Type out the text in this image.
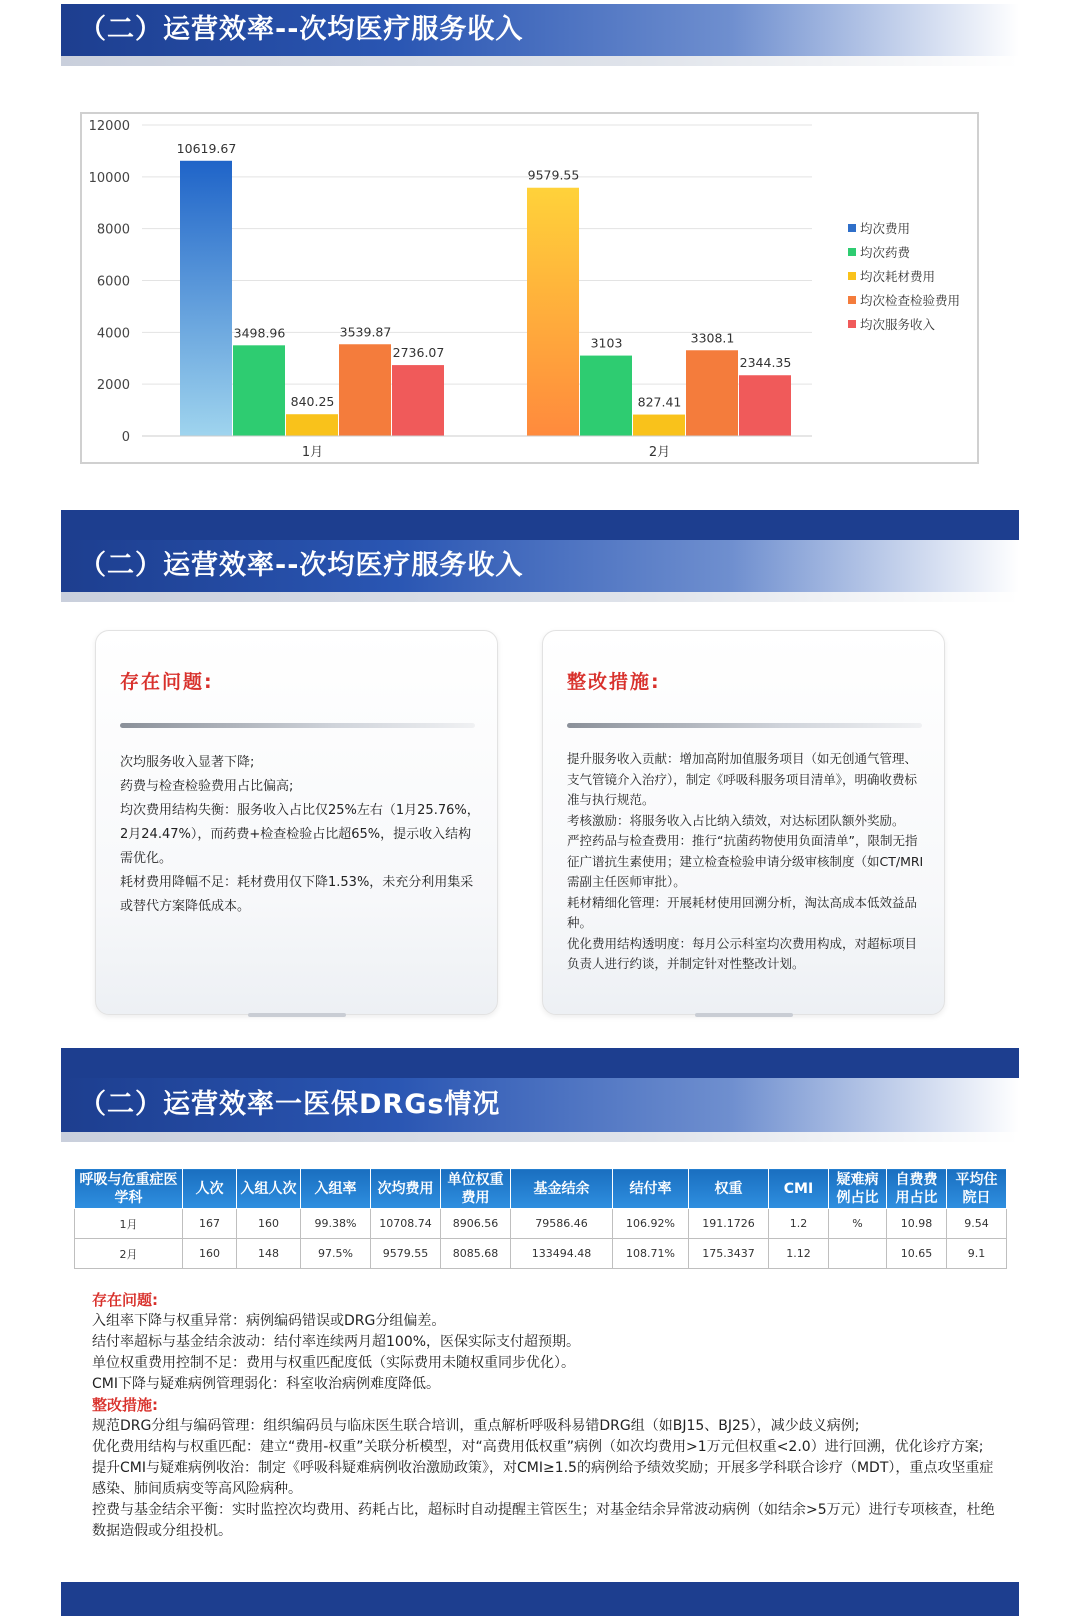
（二）运营效率--次均医疗服务收入
0
2000
4000
6000
8000
10000
12000
10619.67
3498.96
840.25
3539.87
2736.07
1月
9579.55
3103
827.41
3308.1
2344.35
2月
均次费用
均次药费
均次耗材费用
均次检查检验费用
均次服务收入
（二）运营效率--次均医疗服务收入
存在问题:

次均服务收入显著下降;

药费与检查检验费用占比偏高;

均次费用结构失衡：服务收入占比仅25%左右（1月25.76%，2月24.47%），而药费+检查检验占比超65%，提示收入结构需优化。

耗材费用降幅不足：耗材费用仅下降1.53%，未充分利用集采或替代方案降低成本。

整改措施:

提升服务收入贡献：增加高附加值服务项目（如无创通气管理、支气管镜介入治疗），制定《呼吸科服务项目清单》，明确收费标准与执行规范。

考核激励：将服务收入占比纳入绩效，对达标团队额外奖励。

严控药品与检查费用：推行“抗菌药物使用负面清单”，限制无指征广谱抗生素使用；建立检查检验申请分级审核制度（如CT/MRI需副主任医师审批）。

耗材精细化管理：开展耗材使用回溯分析，淘汰高成本低效益品种。

优化费用结构透明度：每月公示科室均次费用构成，对超标项目负责人进行约谈，并制定针对性整改计划。

（二）运营效率一医保DRGs情况
呼吸与危重症医学科	人次	入组人次	入组率	次均费用	单位权重费用	基金结余	结付率	权重	CMI	疑难病例占比	自费费用占比	平均住院日
1月	167	160	99.38%	10708.74	8906.56	79586.46	106.92%	191.1726	1.2	%	10.98	9.54
2月	160	148	97.5%	9579.55	8085.68	133494.48	108.71%	175.3437	1.12		10.65	9.1
存在问题:
入组率下降与权重异常：病例编码错误或DRG分组偏差。
结付率超标与基金结余波动：结付率连续两月超100%，医保实际支付超预期。
单位权重费用控制不足：费用与权重匹配度低（实际费用未随权重同步优化）。
CMI下降与疑难病例管理弱化：科室收治病例难度降低。
整改措施:
规范DRG分组与编码管理：组织编码员与临床医生联合培训，重点解析呼吸科易错DRG组（如BJ15、BJ25），减少歧义病例;
优化费用结构与权重匹配：建立“费用-权重”关联分析模型，对“高费用低权重”病例（如次均费用>1万元但权重<2.0）进行回溯，优化诊疗方案;
提升CMI与疑难病例收治：制定《呼吸科疑难病例收治激励政策》，对CMI≥1.5的病例给予绩效奖励；开展多学科联合诊疗（MDT），重点攻坚重症感染、肺间质病变等高风险病种。
控费与基金结余平衡：实时监控次均费用、药耗占比，超标时自动提醒主管医生；对基金结余异常波动病例（如结余>5万元）进行专项核查，杜绝数据造假或分组投机。
